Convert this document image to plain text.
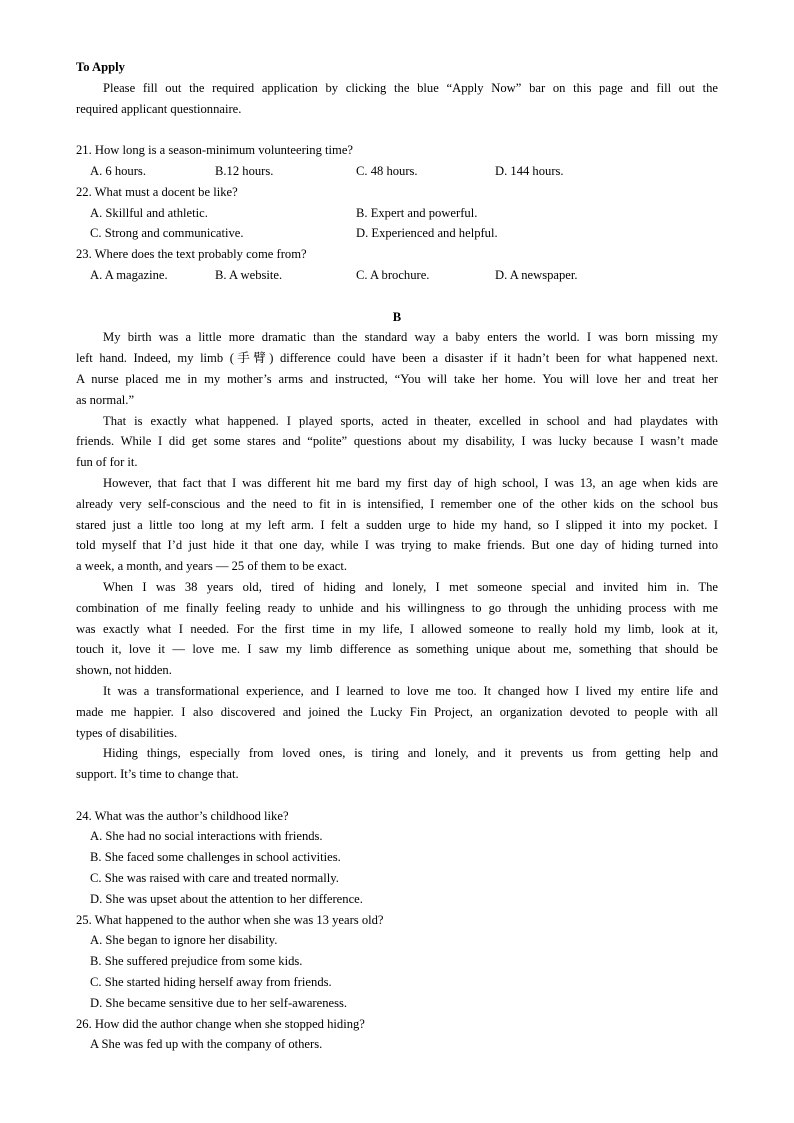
To Apply
Please fill out the required application by clicking the blue “Apply Now” bar on this page and fill out the
required applicant questionnaire.
21. How long is a season-minimum volunteering time?
A. 6 hours.	B.12 hours.	C. 48 hours.	D. 144 hours.
22. What must a docent be like?
A. Skillful and athletic.	B. Expert and powerful.
C. Strong and communicative.	D. Experienced and helpful.
23. Where does the text probably come from?
A. A magazine.	B. A website.	C. A brochure.	D. A newspaper.
B
My birth was a little more dramatic than the standard way a baby enters the world. I was born missing my
left hand. Indeed, my limb (手臂) difference could have been a disaster if it hadn’t been for what happened next.
A nurse placed me in my mother’s arms and instructed, “You will take her home. You will love her and treat her
as normal.”
That is exactly what happened. I played sports, acted in theater, excelled in school and had playdates with
friends. While I did get some stares and “polite” questions about my disability, I was lucky because I wasn’t made
fun of for it.
However, that fact that I was different hit me bard my first day of high school, I was 13, an age when kids are
already very self-conscious and the need to fit in is intensified, I remember one of the other kids on the school bus
stared just a little too long at my left arm. I felt a sudden urge to hide my hand, so I slipped it into my pocket. I
told myself that I’d just hide it that one day, while I was trying to make friends. But one day of hiding turned into
a week, a month, and years — 25 of them to be exact.
When I was 38 years old, tired of hiding and lonely, I met someone special and invited him in. The
combination of me finally feeling ready to unhide and his willingness to go through the unhiding process with me
was exactly what I needed. For the first time in my life, I allowed someone to really hold my limb, look at it,
touch it, love it — love me. I saw my limb difference as something unique about me, something that should be
shown, not hidden.
It was a transformational experience, and I learned to love me too. It changed how I lived my entire life and
made me happier. I also discovered and joined the Lucky Fin Project, an organization devoted to people with all
types of disabilities.
Hiding things, especially from loved ones, is tiring and lonely, and it prevents us from getting help and
support. It’s time to change that.
24. What was the author’s childhood like?
A. She had no social interactions with friends.
B. She faced some challenges in school activities.
C. She was raised with care and treated normally.
D. She was upset about the attention to her difference.
25. What happened to the author when she was 13 years old?
A. She began to ignore her disability.
B. She suffered prejudice from some kids.
C. She started hiding herself away from friends.
D. She became sensitive due to her self-awareness.
26. How did the author change when she stopped hiding?
A She was fed up with the company of others.
